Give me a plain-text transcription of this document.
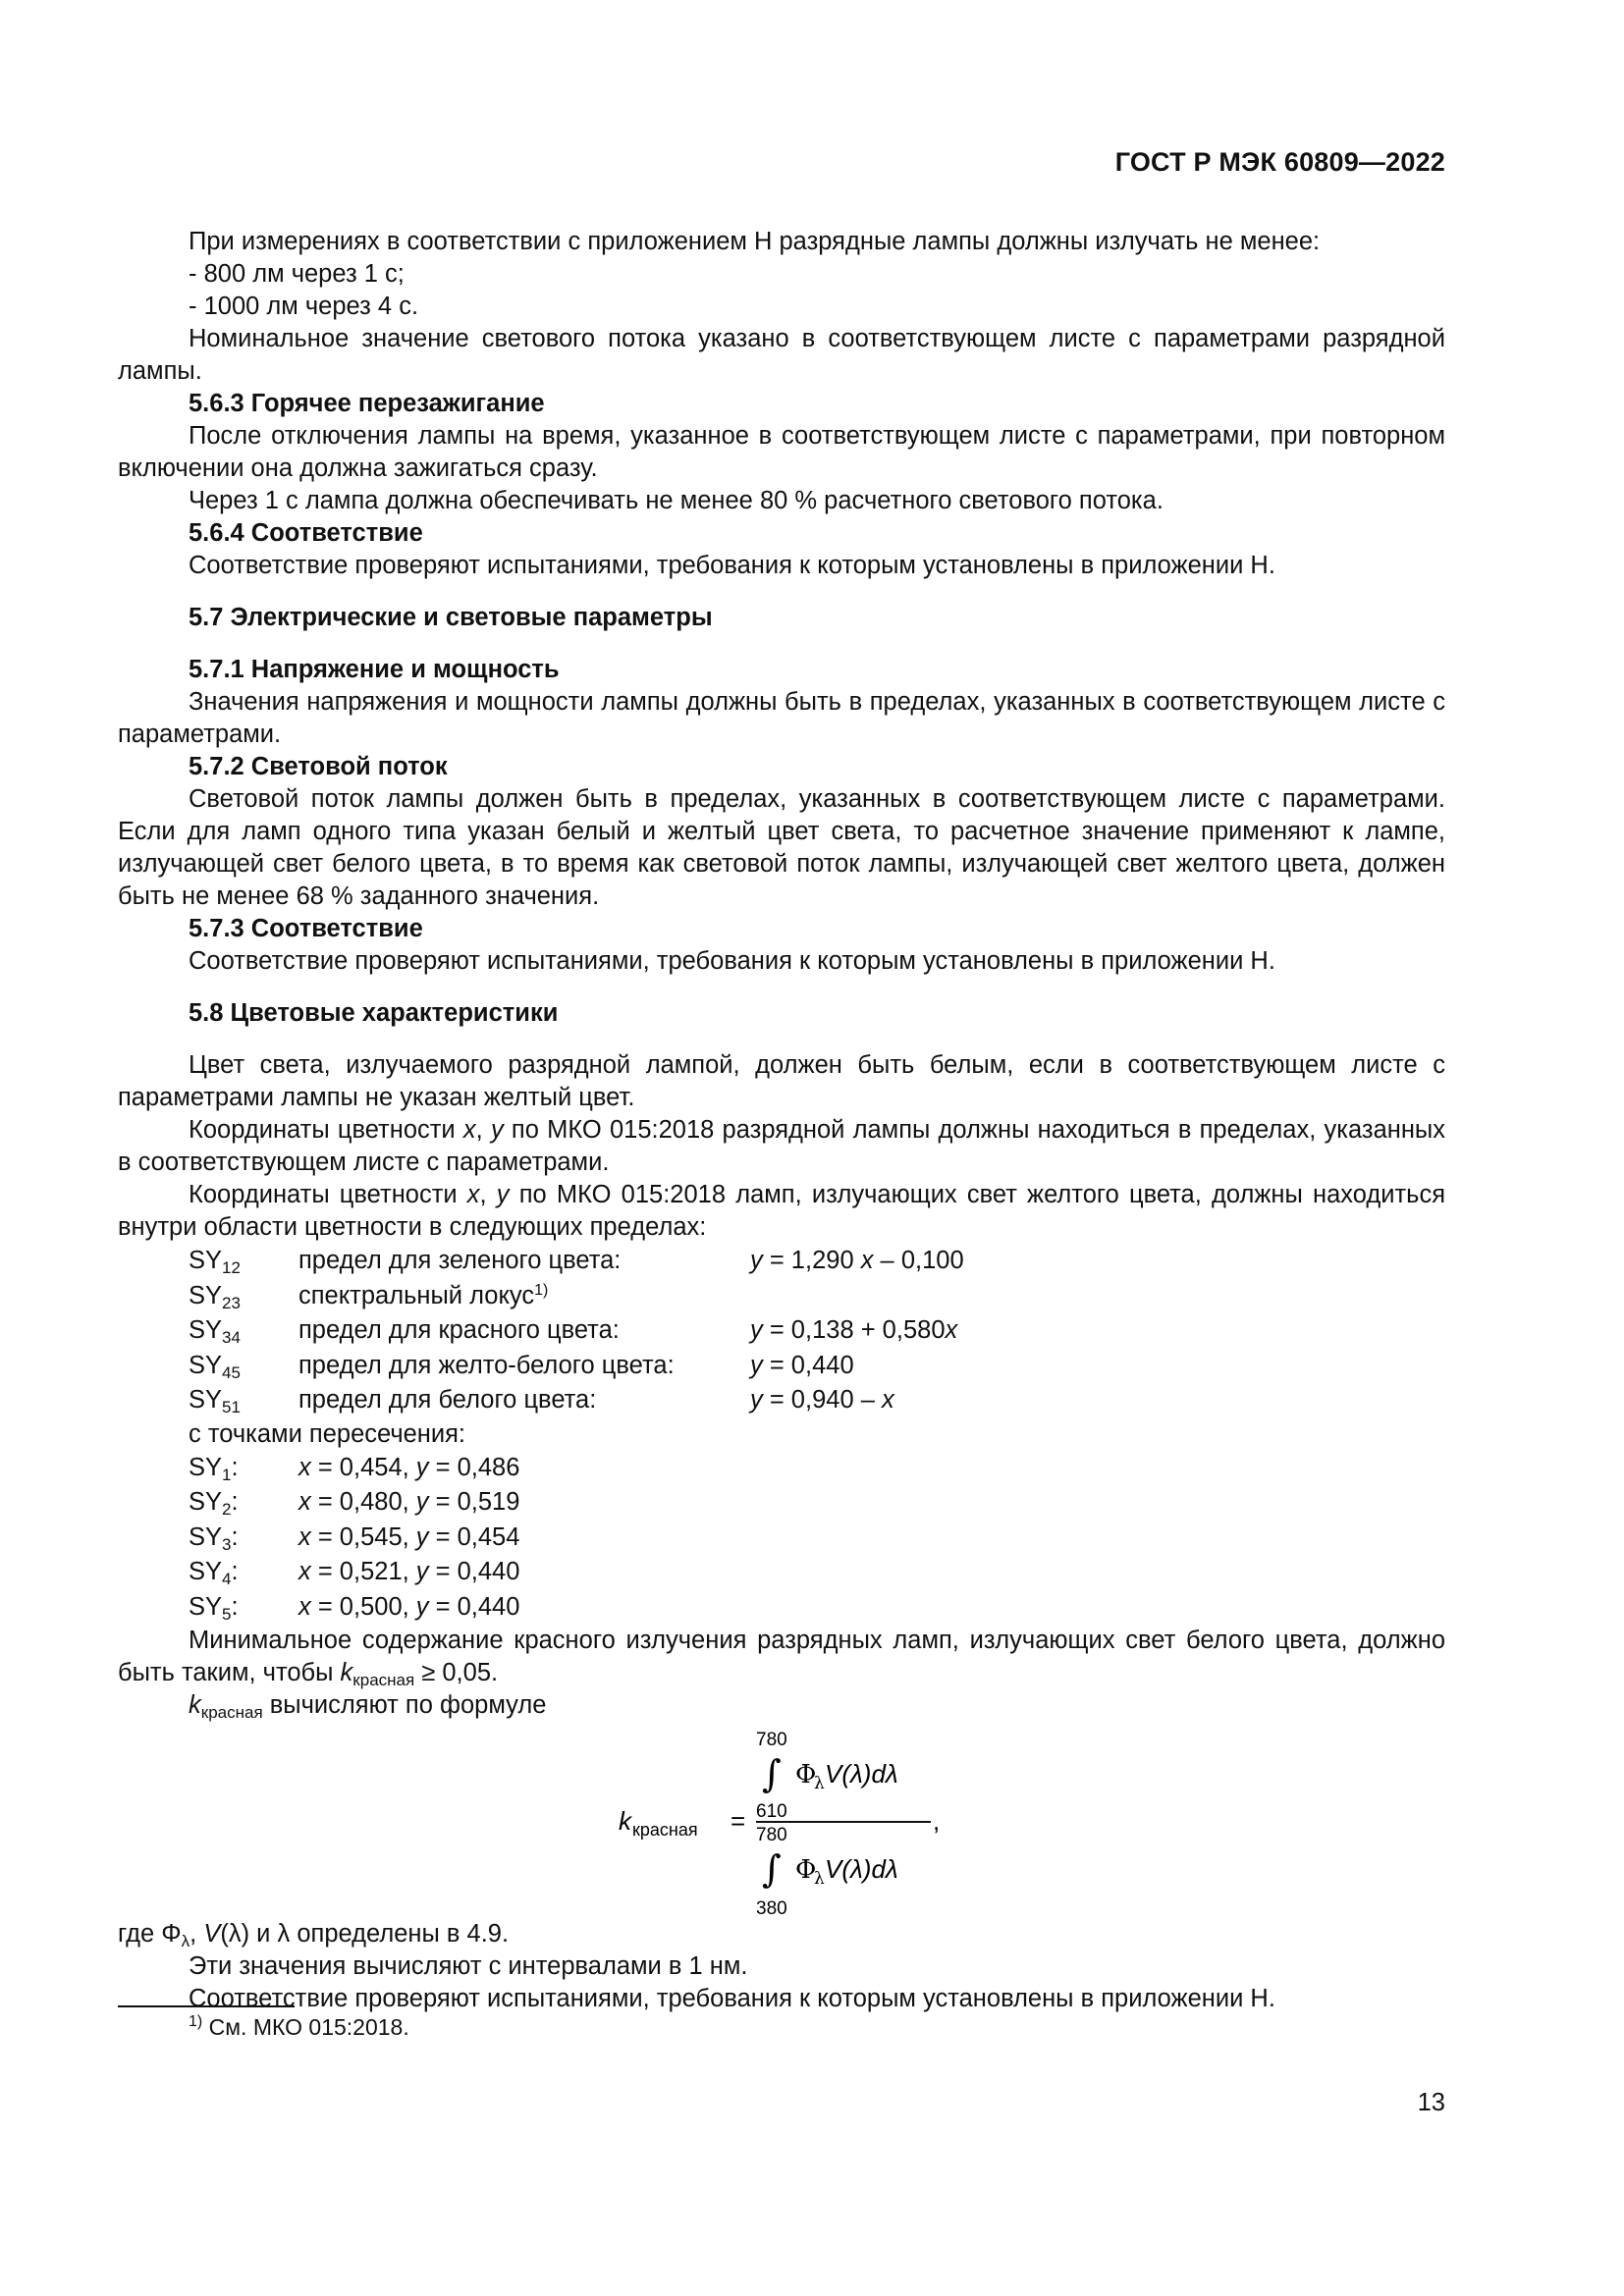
ГОСТ Р МЭК 60809—2022

При измерениях в соответствии с приложением Н разрядные лампы должны излучать не менее:

- 800 лм через 1 с;

- 1000 лм через 4 с.

Номинальное значение светового потока указано в соответствующем листе с параметрами разрядной лампы.

5.6.3 Горячее перезажигание

После отключения лампы на время, указанное в соответствующем листе с параметрами, при повторном включении она должна зажигаться сразу.

Через 1 с лампа должна обеспечивать не менее 80 % расчетного светового потока.

5.6.4 Соответствие

Соответствие проверяют испытаниями, требования к которым установлены в приложении Н.

5.7 Электрические и световые параметры

5.7.1 Напряжение и мощность

Значения напряжения и мощности лампы должны быть в пределах, указанных в соответствующем листе с параметрами.

5.7.2 Световой поток

Световой поток лампы должен быть в пределах, указанных в соответствующем листе с параметрами. Если для ламп одного типа указан белый и желтый цвет света, то расчетное значение применяют к лампе, излучающей свет белого цвета, в то время как световой поток лампы, излучающей свет желтого цвета, должен быть не менее 68 % заданного значения.

5.7.3 Соответствие

Соответствие проверяют испытаниями, требования к которым установлены в приложении Н.

5.8 Цветовые характеристики

Цвет света, излучаемого разрядной лампой, должен быть белым, если в соответствующем листе с параметрами лампы не указан желтый цвет.

Координаты цветности x, y по МКО 015:2018 разрядной лампы должны находиться в пределах, указанных в соответствующем листе с параметрами.

Координаты цветности x, y по МКО 015:2018 ламп, излучающих свет желтого цвета, должны находиться внутри области цветности в следующих пределах:

$SY_{12}$	предел для зеленого цвета:	y = 1,290 x – 0,100
$SY_{23}$	спектральный локус$^{1)}$
$SY_{34}$	предел для красного цвета:	y = 0,138 + 0,580x
$SY_{45}$	предел для желто-белого цвета:	y = 0,440
$SY_{51}$	предел для белого цвета:	y = 0,940 – x

с точками пересечения:

$SY_1$:	x = 0,454, y = 0,486
$SY_2$:	x = 0,480, y = 0,519
$SY_3$:	x = 0,545, y = 0,454
$SY_4$:	x = 0,521, y = 0,440
$SY_5$:	x = 0,500, y = 0,440

Минимальное содержание красного излучения разрядных ламп, излучающих свет белого цвета, должно быть таким, чтобы $k_{красная} \ge 0,05$.

$k_{красная}$ вычисляют по формуле

k красная =
780
∫
610
Φ
λ V(λ)dλ
780
∫
380
Φ
λ V(λ)dλ
,

где $\Phi_\lambda$, V(λ) и λ определены в 4.9.

Эти значения вычисляют с интервалами в 1 нм.

Соответствие проверяют испытаниями, требования к которым установлены в приложении Н.

$^{1)}$ См. МКО 015:2018.
13
